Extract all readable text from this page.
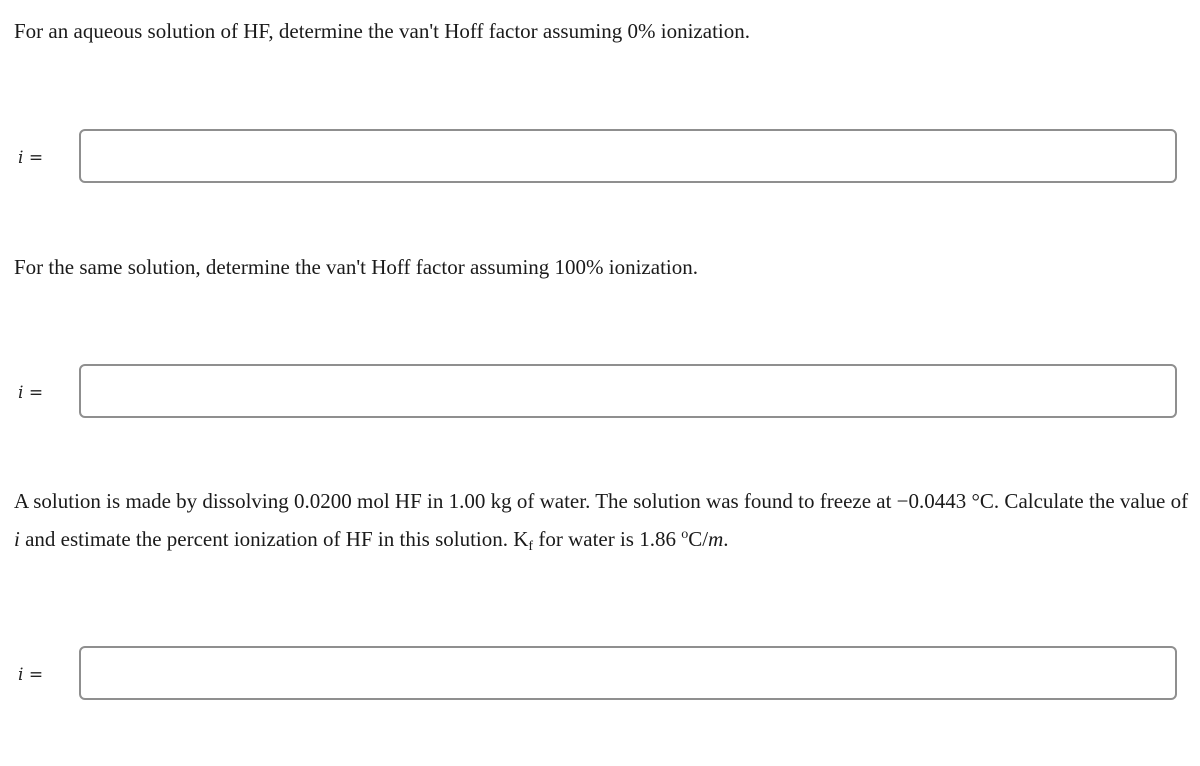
For an aqueous solution of HF, determine the van't Hoff factor assuming 0% ionization.
i =
For the same solution, determine the van't Hoff factor assuming 100% ionization.
i =
A solution is made by dissolving 0.0200 mol HF in 1.00 kg of water. The solution was found to freeze at −0.0443 °C. Calculate the value of i and estimate the percent ionization of HF in this solution. $K_f$ for water is 1.86 $^o$C/m.
i =
